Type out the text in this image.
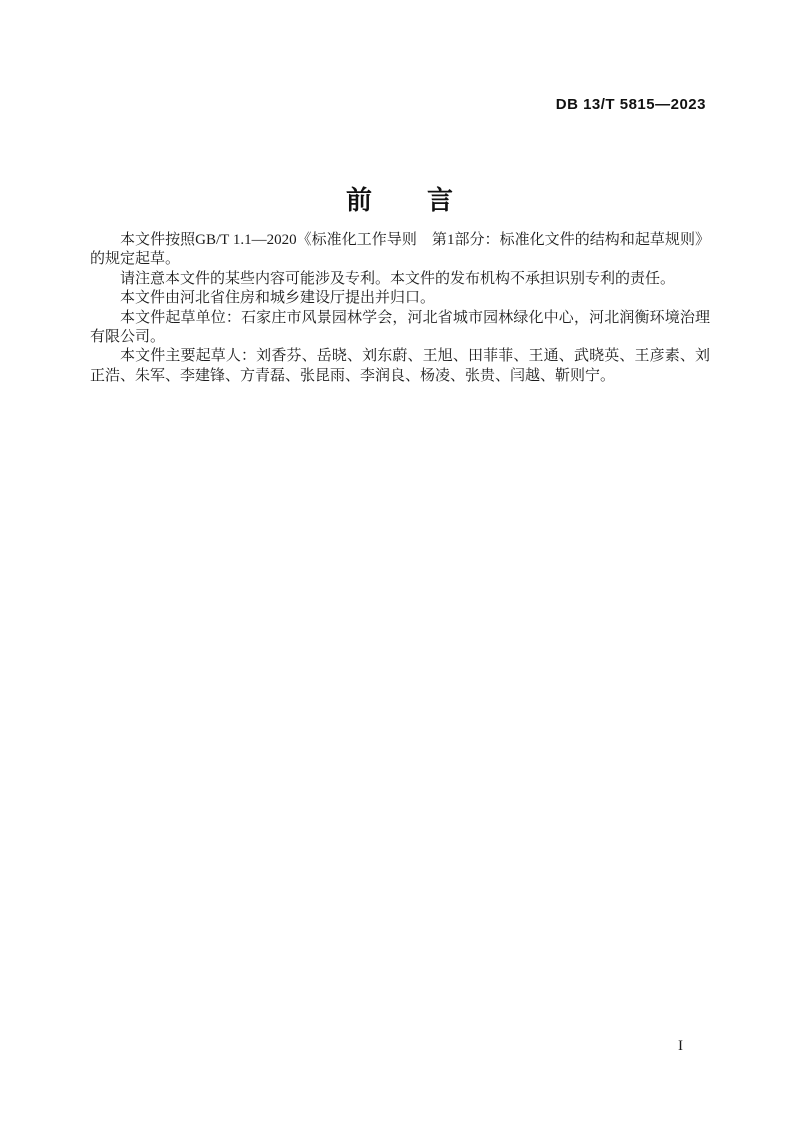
DB 13/T 5815—2023
前　　言

本文件按照GB/T 1.1—2020《标准化工作导则　第1部分：标准化文件的结构和起草规则》的规定起草。

请注意本文件的某些内容可能涉及专利。本文件的发布机构不承担识别专利的责任。

本文件由河北省住房和城乡建设厅提出并归口。

本文件起草单位：石家庄市风景园林学会，河北省城市园林绿化中心，河北润衡环境治理有限公司。

本文件主要起草人：刘香芬、岳晓、刘东蔚、王旭、田菲菲、王通、武晓英、王彦素、刘正浩、朱军、李建锋、方青磊、张昆雨、李润良、杨凌、张贵、闫越、靳则宁。

I
